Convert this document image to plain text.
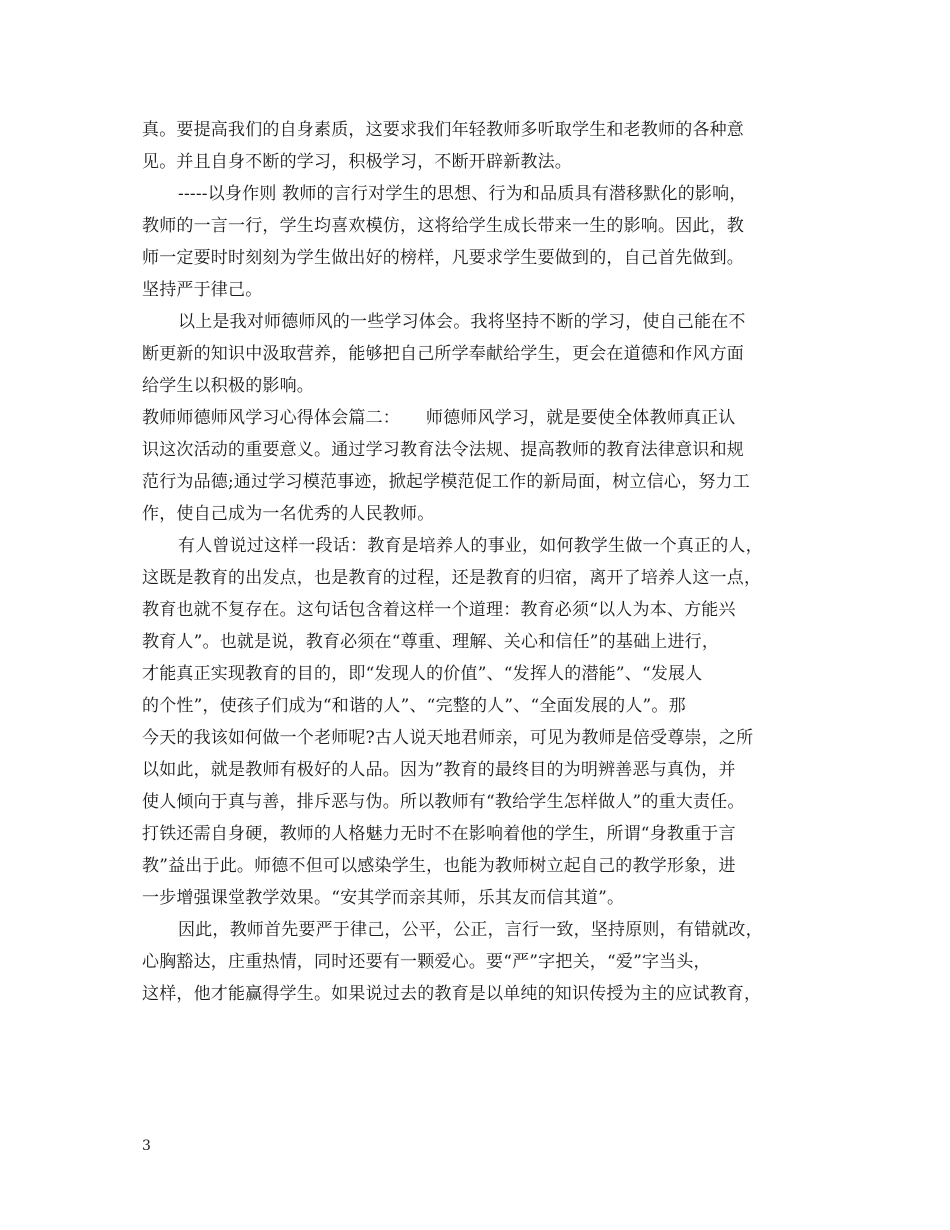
真。要提高我们的自身素质，这要求我们年轻教师多听取学生和老教师的各种意
见。并且自身不断的学习，积极学习，不断开辟新教法。
-----以身作则 教师的言行对学生的思想、行为和品质具有潜移默化的影响，
教师的一言一行，学生均喜欢模仿，这将给学生成长带来一生的影响。因此，教
师一定要时时刻刻为学生做出好的榜样，凡要求学生要做到的，自己首先做到。
坚持严于律己。
以上是我对师德师风的一些学习体会。我将坚持不断的学习，使自己能在不
断更新的知识中汲取营养，能够把自己所学奉献给学生，更会在道德和作风方面
给学生以积极的影响。
教师师德师风学习心得体会篇二：　　师德师风学习，就是要使全体教师真正认
识这次活动的重要意义。通过学习教育法令法规、提高教师的教育法律意识和规
范行为品德;通过学习模范事迹，掀起学模范促工作的新局面，树立信心，努力工
作，使自己成为一名优秀的人民教师。
有人曾说过这样一段话：教育是培养人的事业，如何教学生做一个真正的人，
这既是教育的出发点，也是教育的过程，还是教育的归宿，离开了培养人这一点，
教育也就不复存在。这句话包含着这样一个道理：教育必须“以人为本、方能兴
教育人”。也就是说，教育必须在“尊重、理解、关心和信任”的基础上进行，
才能真正实现教育的目的，即“发现人的价值”、“发挥人的潜能”、“发展人
的个性”，使孩子们成为“和谐的人”、“完整的人”、“全面发展的人”。那
今天的我该如何做一个老师呢?古人说天地君师亲，可见为教师是倍受尊崇，之所
以如此，就是教师有极好的人品。因为”教育的最终目的为明辨善恶与真伪，并
使人倾向于真与善，排斥恶与伪。所以教师有“教给学生怎样做人”的重大责任。
打铁还需自身硬，教师的人格魅力无时不在影响着他的学生，所谓“身教重于言
教”益出于此。师德不但可以感染学生，也能为教师树立起自己的教学形象，进
一步增强课堂教学效果。“安其学而亲其师，乐其友而信其道”。
因此，教师首先要严于律己，公平，公正，言行一致，坚持原则，有错就改，
心胸豁达，庄重热情，同时还要有一颗爱心。要“严”字把关，“爱”字当头，
这样，他才能赢得学生。如果说过去的教育是以单纯的知识传授为主的应试教育，
3
